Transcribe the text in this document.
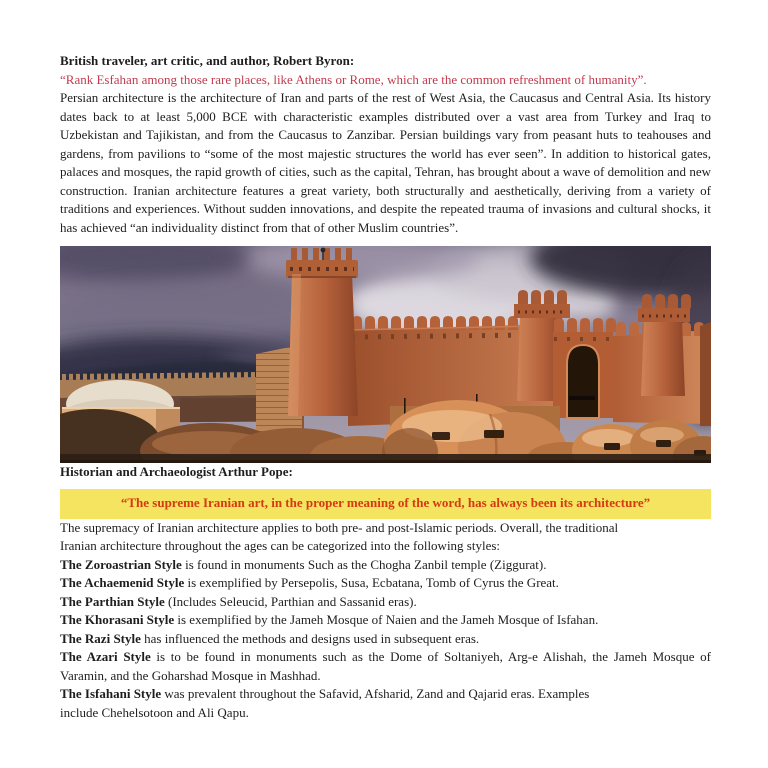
British traveler, art critic, and author, Robert Byron:

“Rank Esfahan among those rare places, like Athens or Rome, which are the common refreshment of humanity”.

Persian architecture is the architecture of Iran and parts of the rest of West Asia, the Caucasus and Central Asia. Its history dates back to at least 5,000 BCE with characteristic examples distributed over a vast area from Turkey and Iraq to Uzbekistan and Tajikistan, and from the Caucasus to Zanzibar. Persian buildings vary from peasant huts to teahouses and gardens, from pavilions to “some of the most majestic structures the world has ever seen”. In addition to historical gates, palaces and mosques, the rapid growth of cities, such as the capital, Tehran, has brought about a wave of demolition and new construction. Iranian architecture features a great variety, both structurally and aesthetically, deriving from a variety of traditions and experiences. Without sudden innovations, and despite the repeated trauma of invasions and cultural shocks, it has achieved “an individuality distinct from that of other Muslim countries”.

Historian and Archaeologist Arthur Pope:

“The supreme Iranian art, in the proper meaning of the word, has always been its architecture”

The supremacy of Iranian architecture applies to both pre- and post-Islamic periods. Overall, the traditional
Iranian architecture throughout the ages can be categorized into the following styles:

The Zoroastrian Style is found in monuments Such as the Chogha Zanbil temple (Ziggurat).

The Achaemenid Style is exemplified by Persepolis, Susa, Ecbatana, Tomb of Cyrus the Great.

The Parthian Style (Includes Seleucid, Parthian and Sassanid eras).

The Khorasani Style is exemplified by the Jameh Mosque of Naien and the Jameh Mosque of Isfahan.

The Razi Style has influenced the methods and designs used in subsequent eras.

The Azari Style is to be found in monuments such as the Dome of Soltaniyeh, Arg-e Alishah, the Jameh Mosque of Varamin, and the Goharshad Mosque in Mashhad.

The Isfahani Style was prevalent throughout the Safavid, Afsharid, Zand and Qajarid eras. Examples
include Chehelsotoon and Ali Qapu.
